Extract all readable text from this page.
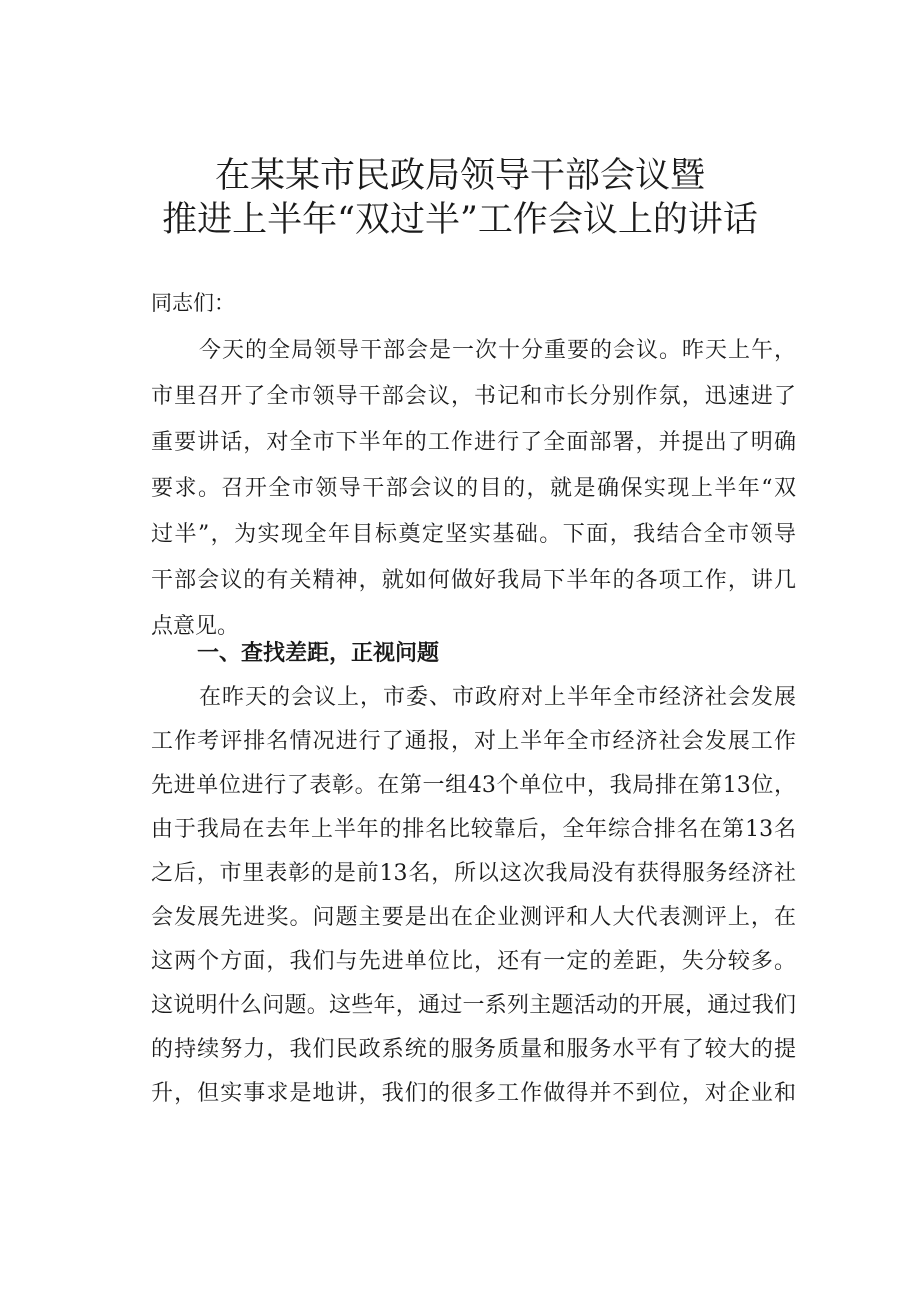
在某某市民政局领导干部会议暨
推进上半年“双过半”工作会议上的讲话
同志们：
今天的全局领导干部会是一次十分重要的会议。昨天上午，
市里召开了全市领导干部会议，书记和市长分别作氛，迅速进了
重要讲话，对全市下半年的工作进行了全面部署，并提出了明确
要求。召开全市领导干部会议的目的，就是确保实现上半年“双
过半”，为实现全年目标奠定坚实基础。下面，我结合全市领导
干部会议的有关精神，就如何做好我局下半年的各项工作，讲几
点意见。
一、查找差距，正视问题
在昨天的会议上，市委、市政府对上半年全市经济社会发展
工作考评排名情况进行了通报，对上半年全市经济社会发展工作
先进单位进行了表彰。在第一组43个单位中，我局排在第13位，
由于我局在去年上半年的排名比较靠后，全年综合排名在第13名
之后，市里表彰的是前13名，所以这次我局没有获得服务经济社
会发展先进奖。问题主要是出在企业测评和人大代表测评上，在
这两个方面，我们与先进单位比，还有一定的差距，失分较多。
这说明什么问题。这些年，通过一系列主题活动的开展，通过我们
的持续努力，我们民政系统的服务质量和服务水平有了较大的提
升，但实事求是地讲，我们的很多工作做得并不到位，对企业和
